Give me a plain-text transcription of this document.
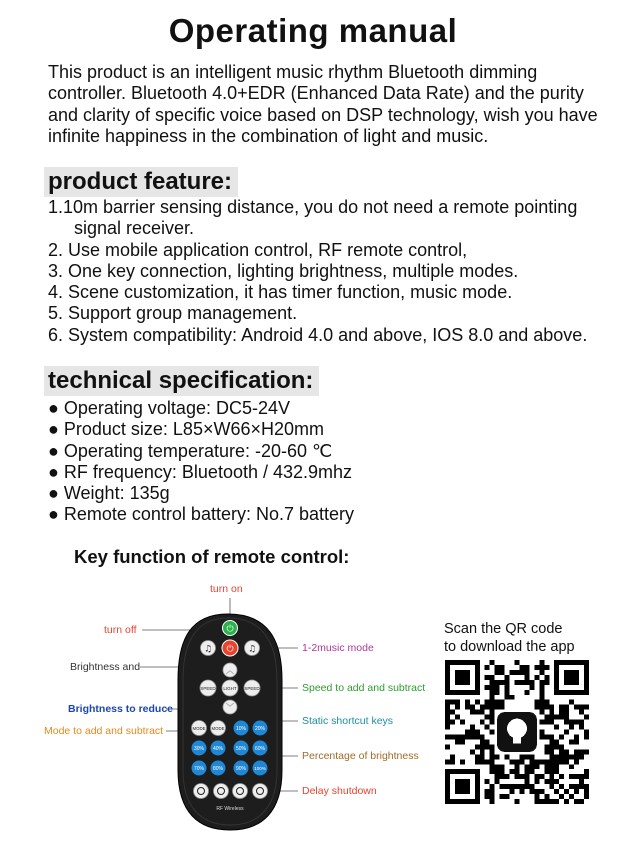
Operating manual

This product is an intelligent music rhythm Bluetooth dimming controller. Bluetooth 4.0+EDR (Enhanced Data Rate) and the purity and clarity of specific voice based on DSP technology, wish you have infinite happiness in the combination of light and music.

product feature:
1.10m barrier sensing distance, you do not need a remote pointing signal receiver.
2. Use mobile application control, RF remote control,
3. One key connection, lighting brightness, multiple modes.
4. Scene customization, it has timer function, music mode.
5. Support group management.
6. System compatibility: Android 4.0 and above, IOS 8.0 and above.
technical specification:
● Operating voltage: DC5-24V
● Product size: L85×W66×H20mm
● Operating temperature: -20-60 ℃
● RF frequency: Bluetooth / 432.9mhz
● Weight: 135g
● Remote control battery: No.7 battery
Key function of remote control:
⏻
♫ ⏻ ♫
︿
SPEED LIGHT SPEED
﹀
MODE MODE 10% 20%
30% 40%	50% 60%
70% 80%	90% 100%
RF Wireless
turn on
turn off
1-2music mode
Brightness and
Speed to add and subtract
Brightness to reduce
Static shortcut keys
Mode to add and subtract
Percentage of brightness
Delay shutdown

Scan the QR code
to download the app
